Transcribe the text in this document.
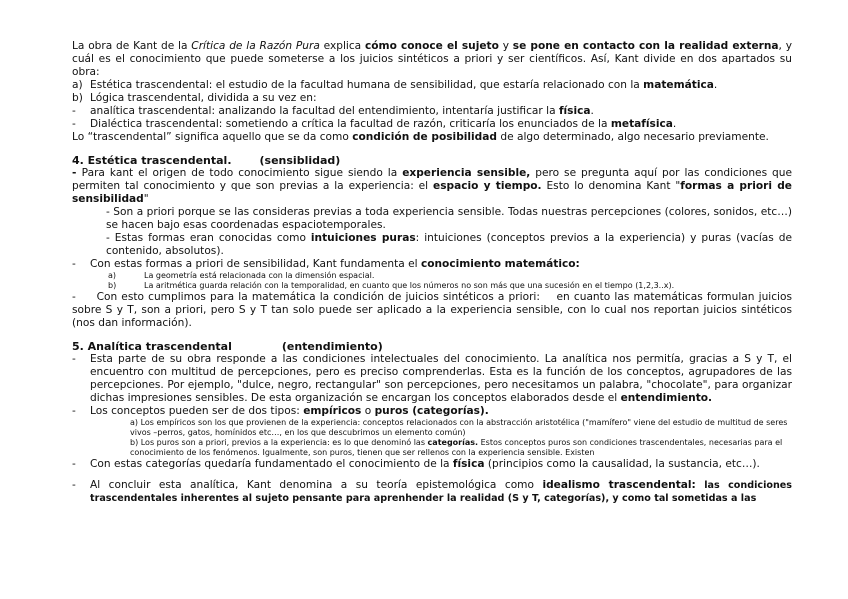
La obra de Kant de la Crítica de la Razón Pura explica cómo conoce el sujeto y se pone en contacto con la realidad externa, y cuál es el conocimiento que puede someterse a los juicios sintéticos a priori y ser científicos. Así, Kant divide en dos apartados su obra:

a) Estética trascendental: el estudio de la facultad humana de sensibilidad, que estaría relacionado con la matemática.
b) Lógica trascendental, dividida a su vez en:
-	analítica trascendental: analizando la facultad del entendimiento, intentaría justificar la física.
-	Dialéctica trascendental: sometiendo a crítica la facultad de razón, criticaría los enunciados de la metafísica.

Lo “trascendental” significa aquello que se da como condición de posibilidad de algo determinado, algo necesario previamente.

4. Estética trascendental.	(sensiblidad)

- Para kant el origen de todo conocimiento sigue siendo la experiencia sensible, pero se pregunta aquí por las condiciones que permiten tal conocimiento y que son previas a la experiencia: el espacio y tiempo. Esto lo denomina Kant "formas a priori de sensibilidad"

- Son a priori porque se las consideras previas a toda experiencia sensible. Todas nuestras percepciones (colores, sonidos, etc…) se hacen bajo esas coordenadas espaciotemporales.

- Estas formas eran conocidas como intuiciones puras: intuiciones (conceptos previos a la experiencia) y puras (vacías de contenido, absolutos).

-	Con estas formas a priori de sensibilidad, Kant fundamenta el conocimiento matemático:
a)	La geometría está relacionada con la dimensión espacial.
b)	La aritmética guarda relación con la temporalidad, en cuanto que los números no son más que una sucesión en el tiempo (1,2,3..x).

-     Con esto cumplimos para la matemática la condición de juicios sintéticos a priori:    en cuanto las matemáticas formulan juicios sobre S y T, son a priori, pero S y T tan solo puede ser aplicado a la experiencia sensible, con lo cual nos reportan juicios sintéticos (nos dan información).

5. Analítica trascendental	(entendimiento)

-	Esta parte de su obra responde a las condiciones intelectuales del conocimiento. La analítica nos permitía, gracias a S y T, el encuentro con multitud de percepciones, pero es preciso comprenderlas. Esta es la función de los conceptos, agrupadores de las percepciones. Por ejemplo, "dulce, negro, rectangular" son percepciones, pero necesitamos un palabra, "chocolate", para organizar dichas impresiones sensibles. De esta organización se encargan los conceptos elaborados desde el entendimiento.
-	Los conceptos pueden ser de dos tipos: empíricos o puros (categorías).

a) Los empíricos son los que provienen de la experiencia: conceptos relacionados con la abstracción aristotélica ("mamífero" viene del estudio de multitud de seres vivos –perros, gatos, homínidos etc…, en los que descubrimos un elemento común)

b) Los puros son a priori, previos a la experiencia: es lo que denominó las categorías. Estos conceptos puros son condiciones trascendentales, necesarias para el conocimiento de los fenómenos. Igualmente, son puros, tienen que ser rellenos con la experiencia sensible. Existen

-	Con estas categorías quedaría fundamentado el conocimiento de la física (principios como la causalidad, la sustancia, etc…).
-	Al concluir esta analítica, Kant denomina a su teoría epistemológica como idealismo trascendental: las condiciones trascendentales inherentes al sujeto pensante para aprenhender la realidad (S y T, categorías), y como tal sometidas a las
